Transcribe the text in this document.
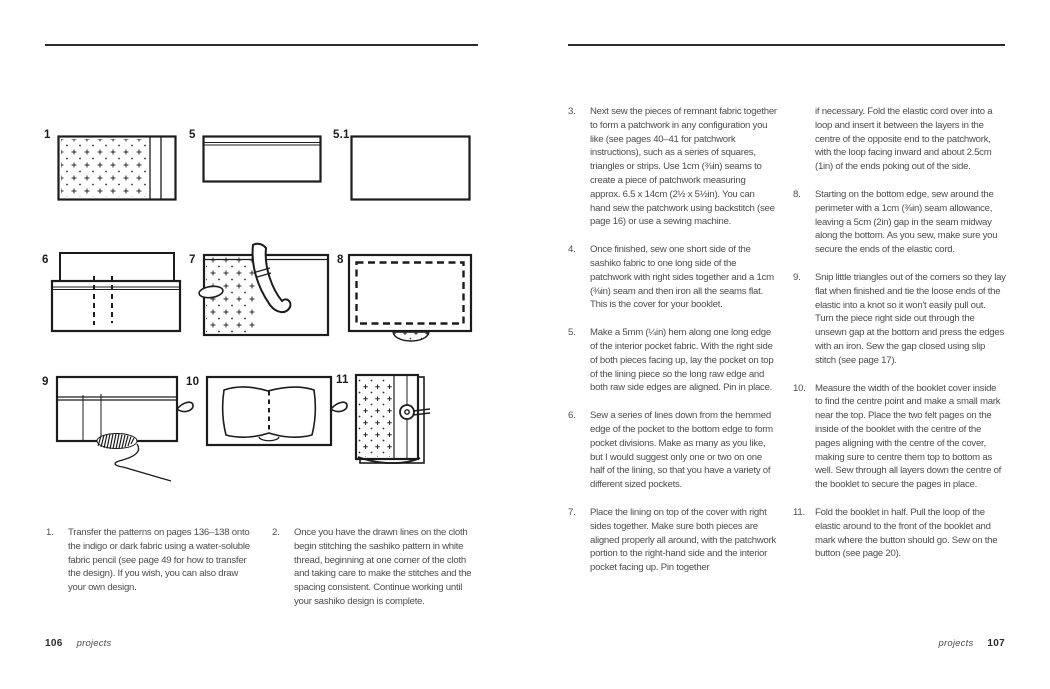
1	5	5.1
6	7	8
9	10	11
1.	Transfer the patterns on pages 136–138 onto the indigo or dark fabric using a water-soluble fabric pencil (see page 49 for how to transfer the design). If you wish, you can also draw your own design.

2.	Once you have the drawn lines on the cloth begin stitching the sashiko pattern in white thread, beginning at one corner of the cloth and taking care to make the stitches and the spacing consistent. Continue working until your sashiko design is complete.

106 projects
3.	Next sew the pieces of remnant fabric together to form a patchwork in any configuration you like (see pages 40–41 for patchwork instructions), such as a series of squares, triangles or strips. Use 1cm (⅜in) seams to create a piece of patchwork measuring approx. 6.5 x 14cm (2½ x 5½in). You can hand sew the patchwork using backstitch (see page 16) or use a sewing machine.

4.	Once finished, sew one short side of the sashiko fabric to one long side of the patchwork with right sides together and a 1cm (⅜in) seam and then iron all the seams flat. This is the cover for your booklet.

5.	Make a 5mm (¼in) hem along one long edge of the interior pocket fabric. With the right side of both pieces facing up, lay the pocket on top of the lining piece so the long raw edge and both raw side edges are aligned. Pin in place.

6.	Sew a series of lines down from the hemmed edge of the pocket to the bottom edge to form pocket divisions. Make as many as you like, but I would suggest only one or two on one half of the lining, so that you have a variety of different sized pockets.

7.	Place the lining on top of the cover with right sides together. Make sure both pieces are aligned properly all around, with the patchwork portion to the right-hand side and the interior pocket facing up. Pin together

if necessary. Fold the elastic cord over into a loop and insert it between the layers in the centre of the opposite end to the patchwork, with the loop facing inward and about 2.5cm (1in) of the ends poking out of the side.

8.	Starting on the bottom edge, sew around the perimeter with a 1cm (⅜in) seam allowance, leaving a 5cm (2in) gap in the seam midway along the bottom. As you sew, make sure you secure the ends of the elastic cord.

9.	Snip little triangles out of the corners so they lay flat when finished and tie the loose ends of the elastic into a knot so it won't easily pull out. Turn the piece right side out through the unsewn gap at the bottom and press the edges with an iron. Sew the gap closed using slip stitch (see page 17).

10. Measure the width of the booklet cover inside to find the centre point and make a small mark near the top. Place the two felt pages on the inside of the booklet with the centre of the pages aligning with the centre of the cover, making sure to centre them top to bottom as well. Sew through all layers down the centre of the booklet to secure the pages in place.

11.	Fold the booklet in half. Pull the loop of the elastic around to the front of the booklet and mark where the button should go. Sew on the button (see page 20).

projects 107
